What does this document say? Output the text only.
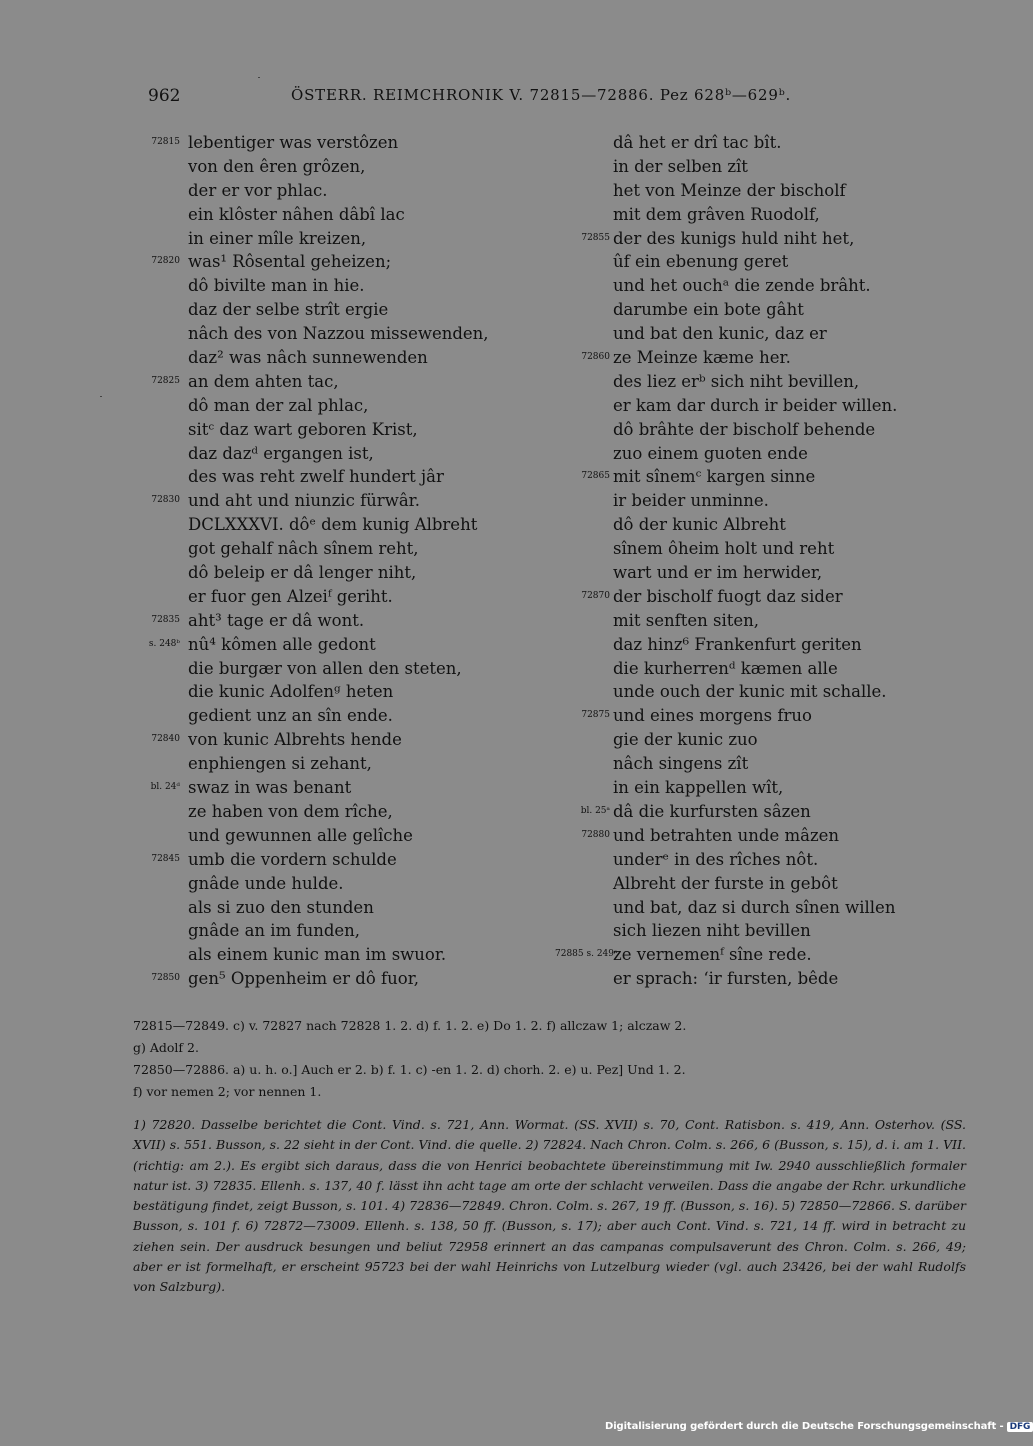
962	ÖSTERR. REIMCHRONIK V. 72815—72886. Pez 628ᵇ—629ᵇ.
72815 lebentiger was verstôzen
von den êren grôzen,
der er vor phlac.
ein klôster nâhen dâbî lac
in einer mîle kreizen,
72820 was¹ Rôsental geheizen;
dô bivilte man in hie.
daz der selbe strît ergie
nâch des von Nazzou missewenden,
daz² was nâch sunnewenden
72825 an dem ahten tac,
dô man der zal phlac,
sitᶜ daz wart geboren Krist,
daz dazᵈ ergangen ist,
des was reht zwelf hundert jâr
72830 und aht und niunzic fürwâr.
DCLXXXVI. dôᵉ dem kunig Albreht
got gehalf nâch sînem reht,
dô beleip er dâ lenger niht,
er fuor gen Alzeiᶠ geriht.
72835 aht³ tage er dâ wont.
s. 248ᵇ nû⁴ kômen alle gedont
die burgær von allen den steten,
die kunic Adolfenᵍ heten
gedient unz an sîn ende.
72840 von kunic Albrehts hende
enphiengen si zehant,
bl. 24ᵈ swaz in was benant
ze haben von dem rîche,
und gewunnen alle gelîche
72845 umb die vordern schulde
gnâde unde hulde.
als si zuo den stunden
gnâde an im funden,
als einem kunic man im swuor.
72850 gen⁵ Oppenheim er dô fuor,
dâ het er drî tac bît.
in der selben zît
het von Meinze der bischolf
mit dem grâven Ruodolf,
72855 der des kunigs huld niht het,
ûf ein ebenung geret
und het ouchᵃ die zende brâht.
darumbe ein bote gâht
und bat den kunic, daz er
72860 ze Meinze kæme her.
des liez erᵇ sich niht bevillen,
er kam dar durch ir beider willen.
dô brâhte der bischolf behende
zuo einem guoten ende
72865 mit sînemᶜ kargen sinne
ir beider unminne.
dô der kunic Albreht
sînem ôheim holt und reht
wart und er im herwider,
72870 der bischolf fuogt daz sider
mit senften siten,
daz hinz⁶ Frankenfurt geriten
die kurherrenᵈ kæmen alle
unde ouch der kunic mit schalle.
72875 und eines morgens fruo
gie der kunic zuo
nâch singens zît
in ein kappellen wît,
bl. 25ᵃ dâ die kurfursten sâzen
72880 und betrahten unde mâzen
underᵉ in des rîches nôt.
Albreht der furste in gebôt
und bat, daz si durch sînen willen
sich liezen niht bevillen
72885 s. 249ᵃ
ze vernemenᶠ sîne rede.
er sprach: ‘ir fursten, bêde

72815—72849. c) v. 72827 nach 72828 1. 2. d) f. 1. 2. e) Do 1. 2. f) allczaw 1; alczaw 2.

g) Adolf 2.

72850—72886. a) u. h. o.] Auch er 2. b) f. 1. c) -en 1. 2. d) chorh. 2. e) u. Pez] Und 1. 2.

f) vor nemen 2; vor nennen 1.

1) 72820. Dasselbe berichtet die Cont. Vind. s. 721, Ann. Wormat. (SS. XVII) s. 70, Cont. Ratisbon. s. 419, Ann. Osterhov. (SS. XVII) s. 551. Busson, s. 22 sieht in der Cont. Vind. die quelle. 2) 72824. Nach Chron. Colm. s. 266, 6 (Busson, s. 15), d. i. am 1. VII. (richtig: am 2.). Es ergibt sich daraus, dass die von Henrici beobachtete übereinstimmung mit Iw. 2940 ausschließlich formaler natur ist. 3) 72835. Ellenh. s. 137, 40 f. lässt ihn acht tage am orte der schlacht verweilen. Dass die angabe der Rchr. urkundliche bestätigung findet, zeigt Busson, s. 101. 4) 72836—72849. Chron. Colm. s. 267, 19 ff. (Busson, s. 16). 5) 72850—72866. S. darüber Busson, s. 101 f. 6) 72872—73009. Ellenh. s. 138, 50 ff. (Busson, s. 17); aber auch Cont. Vind. s. 721, 14 ff. wird in betracht zu ziehen sein. Der ausdruck besungen und beliut 72958 erinnert an das campanas compulsaverunt des Chron. Colm. s. 266, 49; aber er ist formelhaft, er erscheint 95723 bei der wahl Heinrichs von Lutzelburg wieder (vgl. auch 23426, bei der wahl Rudolfs von Salzburg).
Digitalisierung gefördert durch die Deutsche Forschungsgemeinschaft - DFG
